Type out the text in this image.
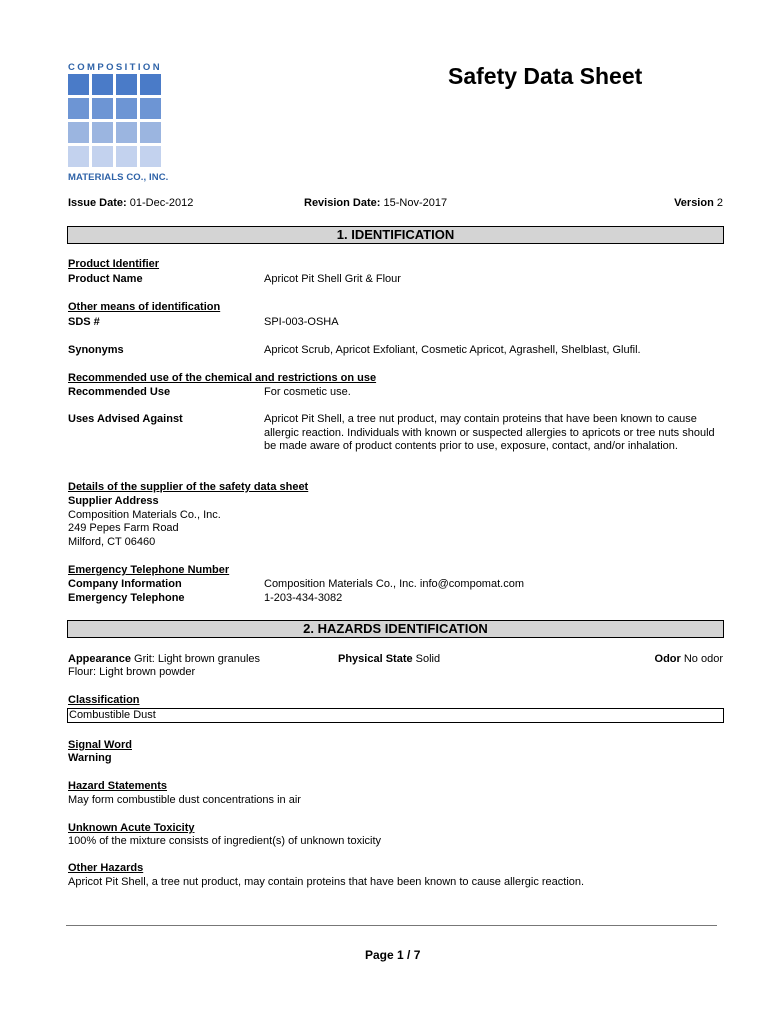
COMPOSITION
MATERIALS CO., INC.
Safety Data Sheet
Issue Date: 01-Dec-2012	Revision Date: 15-Nov-2017	Version 2
1. IDENTIFICATION
Product Identifier
Product Name	Apricot Pit Shell Grit & Flour
Other means of identification
SDS #	SPI-003-OSHA
Synonyms	Apricot Scrub, Apricot Exfoliant, Cosmetic Apricot, Agrashell, Shelblast, Glufil.
Recommended use of the chemical and restrictions on use
Recommended Use	For cosmetic use.
Uses Advised Against	Apricot Pit Shell, a tree nut product, may contain proteins that have been known to cause allergic reaction. Individuals with known or suspected allergies to apricots or tree nuts should be made aware of product contents prior to use, exposure, contact, and/or inhalation.
Details of the supplier of the safety data sheet
Supplier Address
Composition Materials Co., Inc.
249 Pepes Farm Road
Milford, CT 06460
Emergency Telephone Number
Company Information	Composition Materials Co., Inc. info@compomat.com
Emergency Telephone	1-203-434-3082
2. HAZARDS IDENTIFICATION
Appearance Grit: Light brown granules
Flour: Light brown powder
Physical State Solid	Odor No odor
Classification
Combustible Dust
Signal Word
Warning
Hazard Statements
May form combustible dust concentrations in air
Unknown Acute Toxicity
100% of the mixture consists of ingredient(s) of unknown toxicity
Other Hazards
Apricot Pit Shell, a tree nut product, may contain proteins that have been known to cause allergic reaction.
Page 1 / 7
